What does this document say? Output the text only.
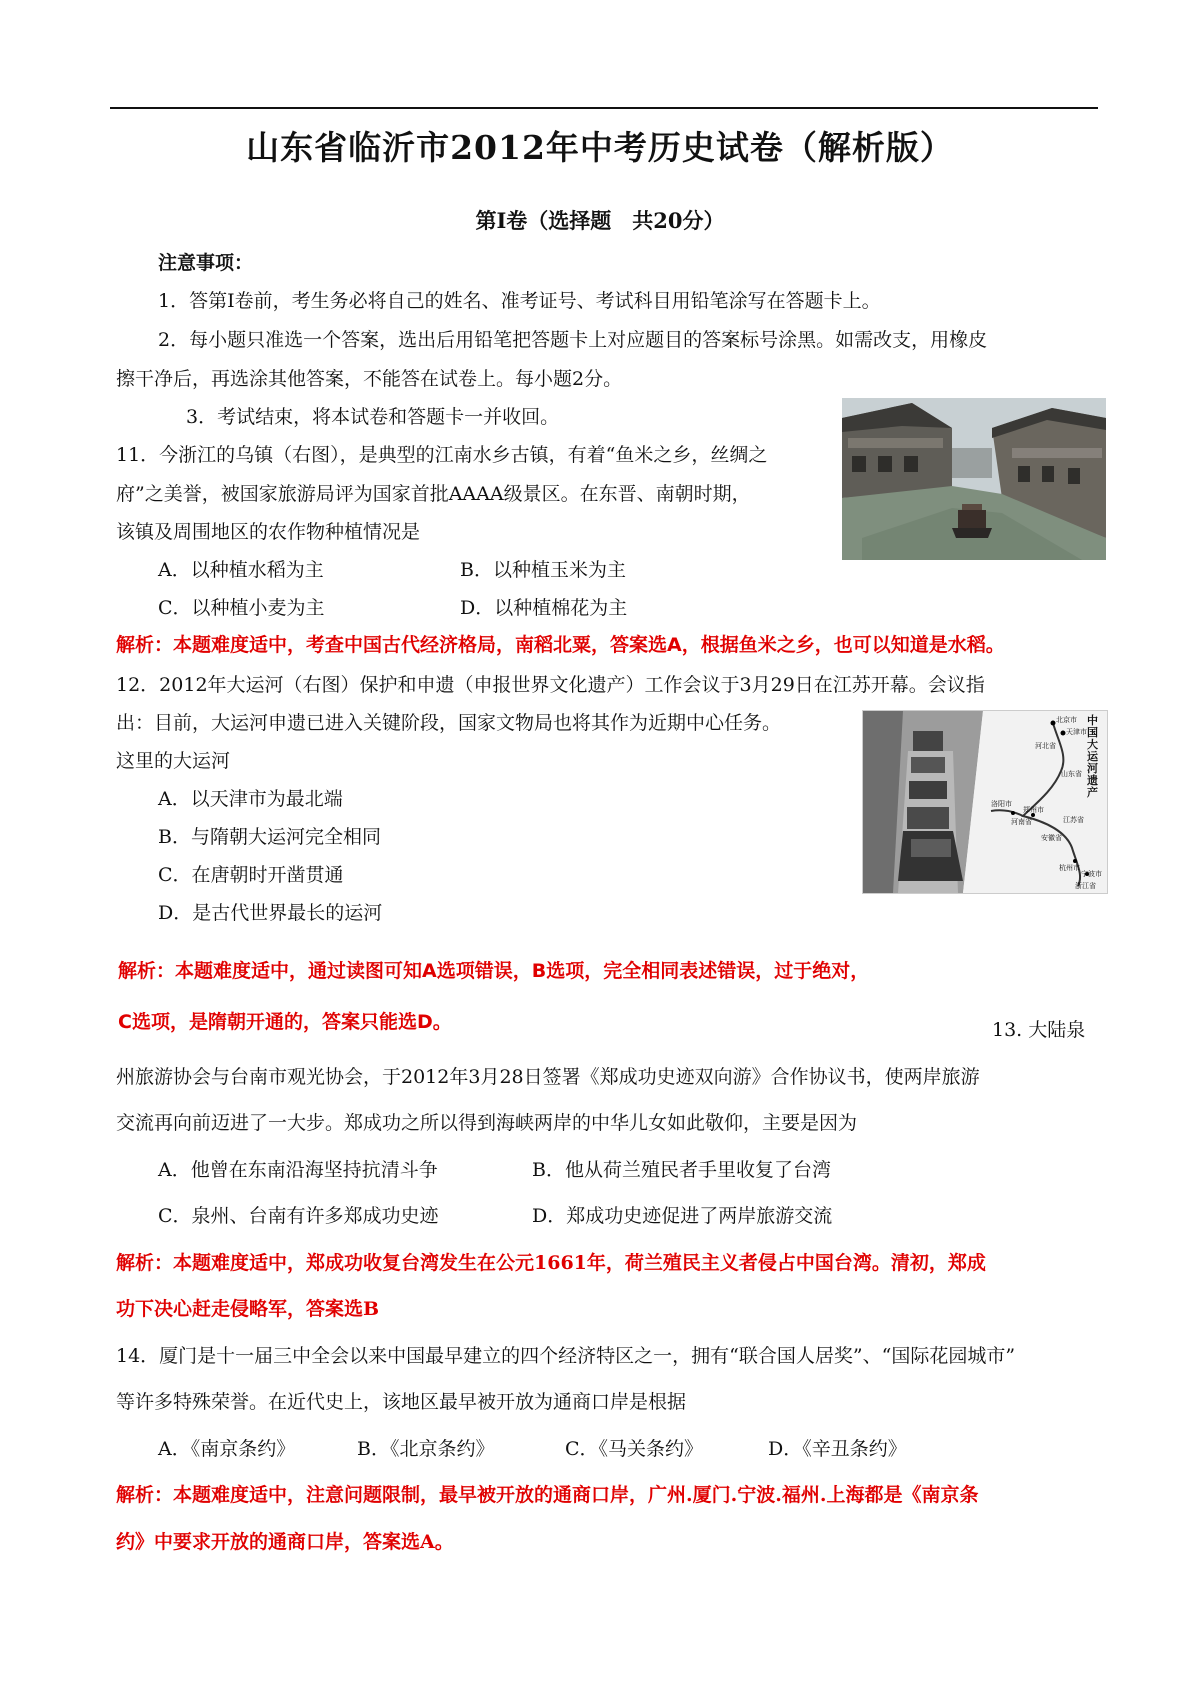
山东省临沂市2012年中考历史试卷（解析版）
第Ⅰ卷（选择题　共20分）
注意事项：
1．答第Ⅰ卷前，考生务必将自己的姓名、准考证号、考试科目用铅笔涂写在答题卡上。
2．每小题只准选一个答案，选出后用铅笔把答题卡上对应题目的答案标号涂黑。如需改支，用橡皮
擦干净后，再选涂其他答案，不能答在试卷上。每小题2分。
3．考试结束，将本试卷和答题卡一并收回。
11．今浙江的乌镇（右图），是典型的江南水乡古镇，有着“鱼米之乡，丝绸之
府”之美誉，被国家旅游局评为国家首批AAAA级景区。在东晋、南朝时期，
该镇及周围地区的农作物种植情况是
A．以种植水稻为主	B．以种植玉米为主
C．以种植小麦为主	D．以种植棉花为主
解析：本题难度适中，考查中国古代经济格局，南稻北粟，答案选A，根据鱼米之乡，也可以知道是水稻。
12．2012年大运河（右图）保护和申遗（申报世界文化遗产）工作会议于3月29日在江苏开幕。会议指
出：目前，大运河申遗已进入关键阶段，国家文物局也将其作为近期中心任务。
这里的大运河
A．以天津市为最北端
B．与隋朝大运河完全相同
C．在唐朝时开凿贯通
D．是古代世界最长的运河
中国大运河遗产
北京市
天津市
河北省
山东省
洛阳市
郑州市
河南省	江苏省
安徽省
杭州市
宁波市
浙江省
解析：本题难度适中，通过读图可知A选项错误，B选项，完全相同表述错误，过于绝对，
C选项，是隋朝开通的，答案只能选D。	13. 大陆泉
州旅游协会与台南市观光协会，于2012年3月28日签署《郑成功史迹双向游》合作协议书，使两岸旅游
交流再向前迈进了一大步。郑成功之所以得到海峡两岸的中华儿女如此敬仰，主要是因为
A．他曾在东南沿海坚持抗清斗争	B．他从荷兰殖民者手里收复了台湾
C．泉州、台南有许多郑成功史迹	D．郑成功史迹促进了两岸旅游交流
解析：本题难度适中，郑成功收复台湾发生在公元1661年，荷兰殖民主义者侵占中国台湾。清初，郑成
功下决心赶走侵略军，答案选B
14．厦门是十一届三中全会以来中国最早建立的四个经济特区之一，拥有“联合国人居奖”、“国际花园城市”
等许多特殊荣誉。在近代史上，该地区最早被开放为通商口岸是根据
A．《南京条约》	B．《北京条约》	C．《马关条约》	D．《辛丑条约》
解析：本题难度适中，注意问题限制，最早被开放的通商口岸，广州.厦门.宁波.福州.上海都是《南京条
约》中要求开放的通商口岸，答案选A。
